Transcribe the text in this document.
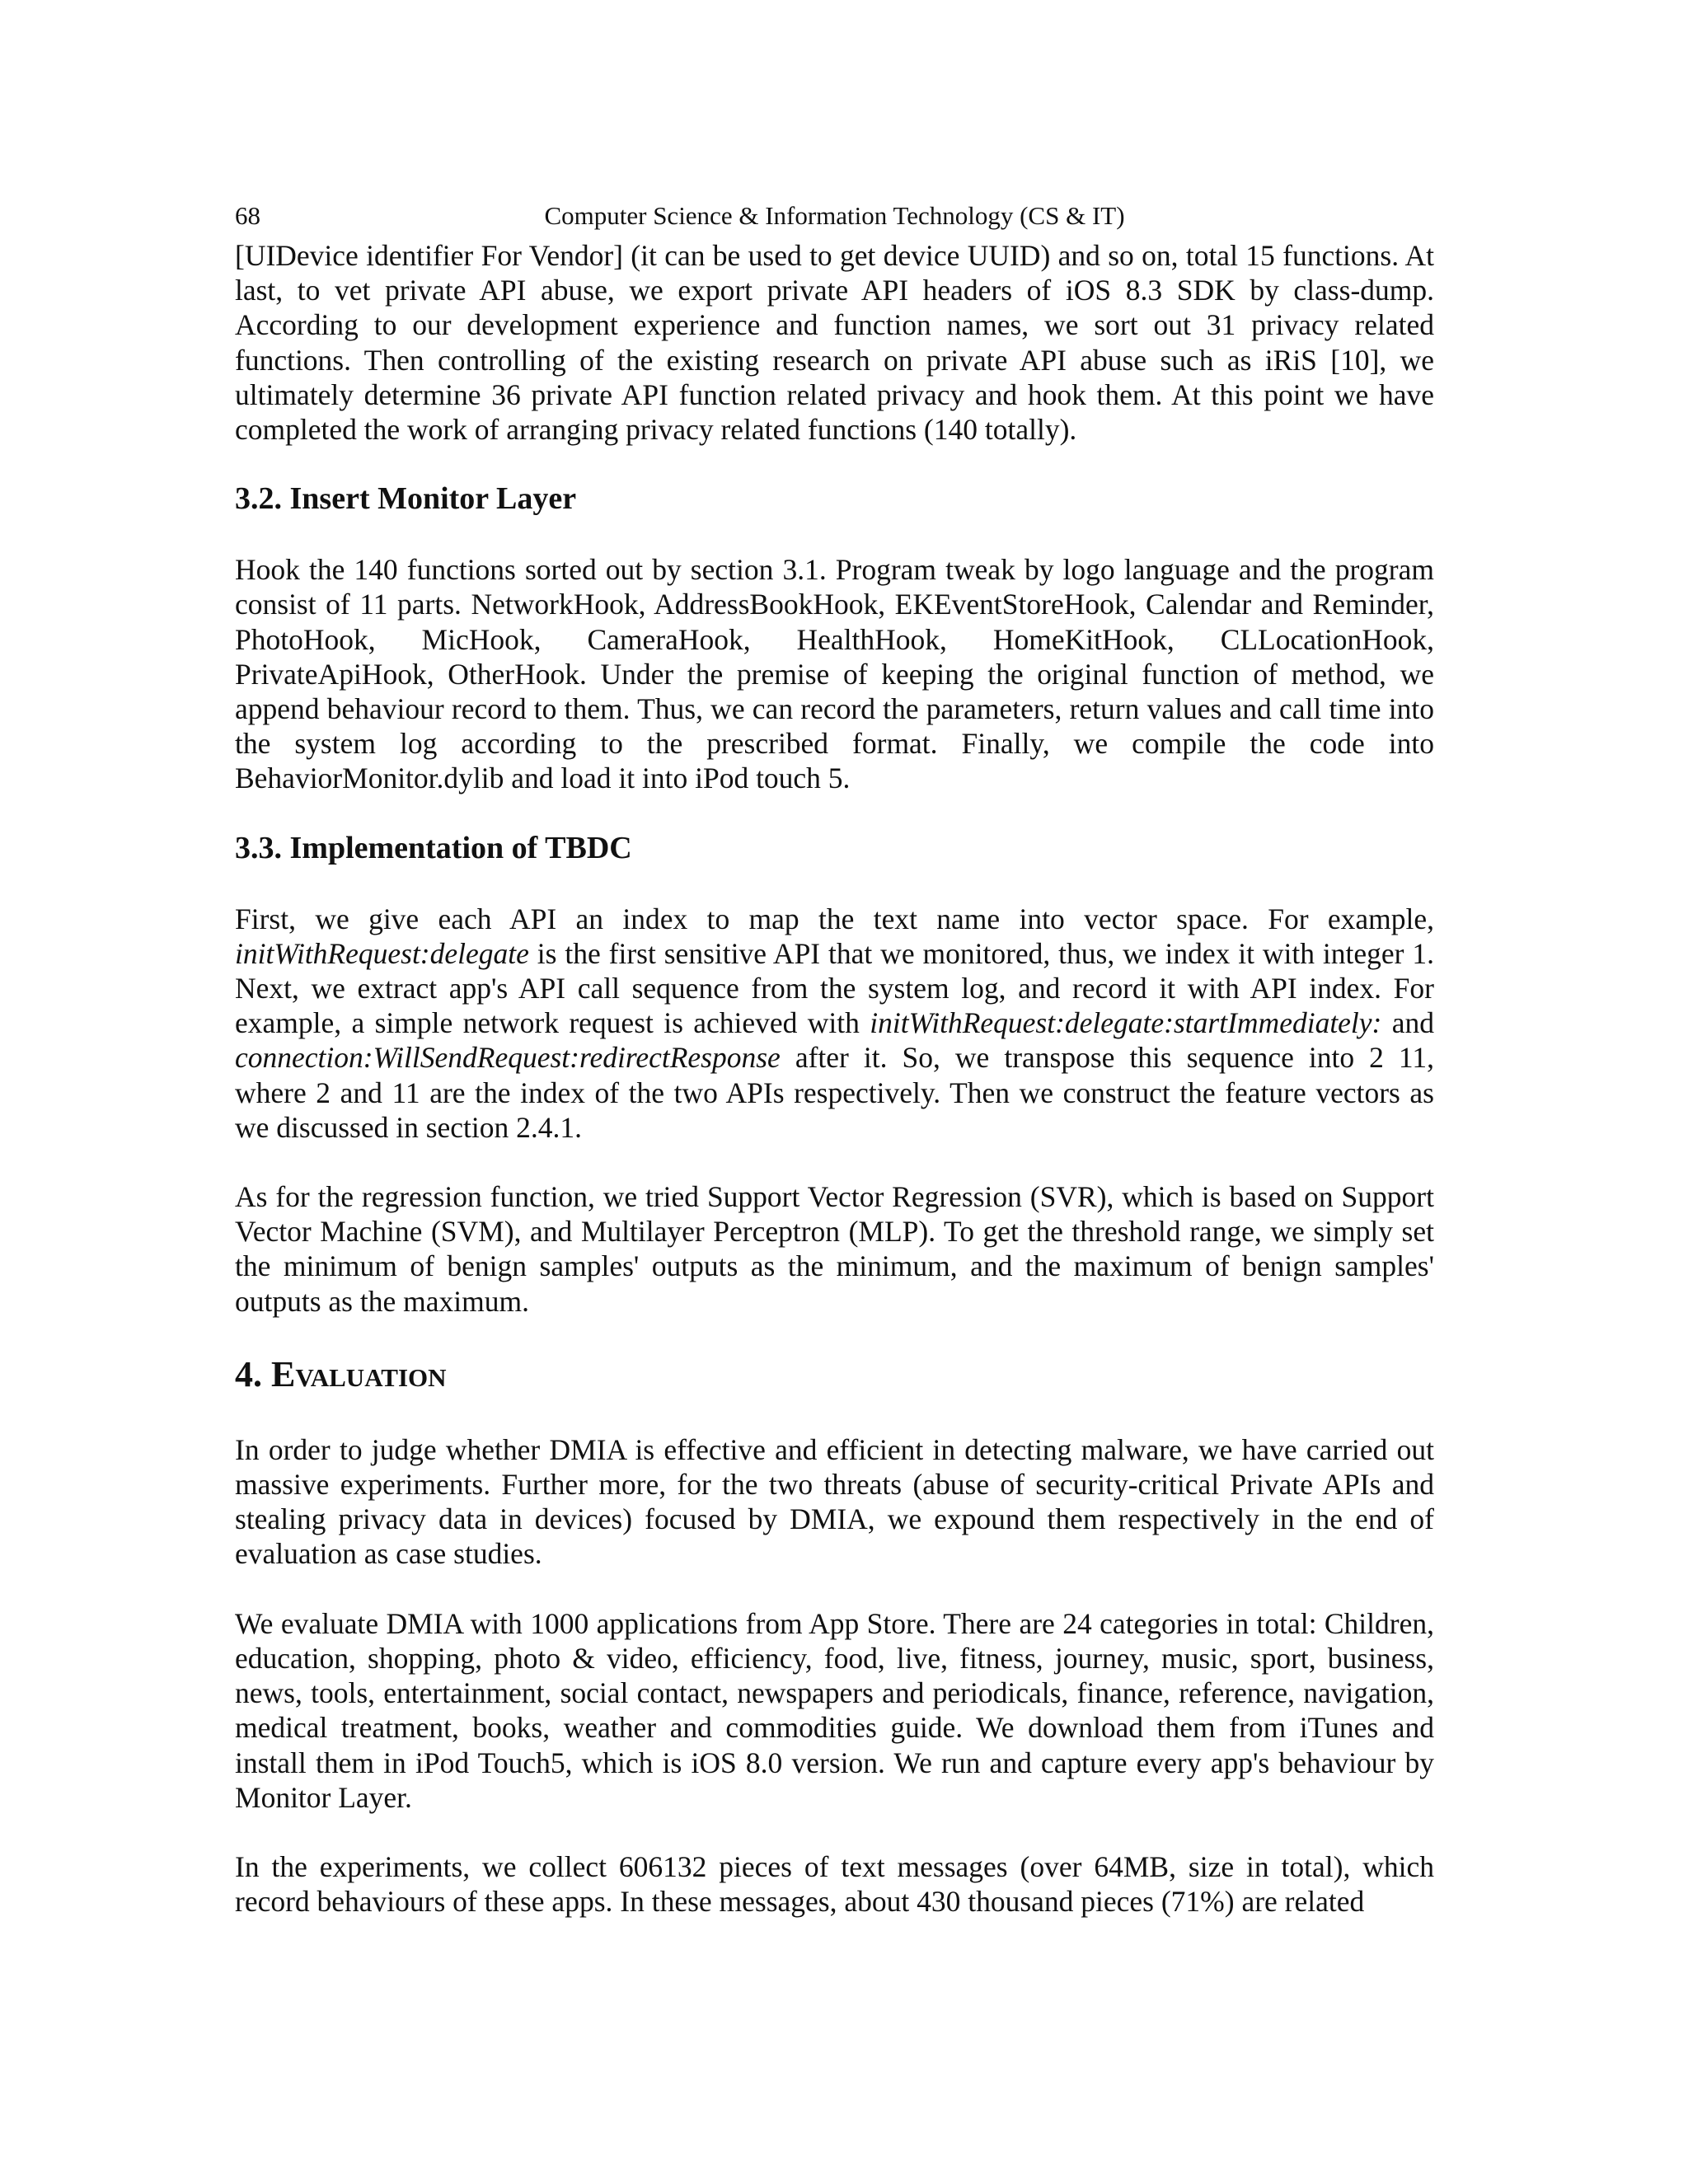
68	Computer Science & Information Technology (CS & IT)

[UIDevice identifier For Vendor] (it can be used to get device UUID) and so on, total 15 functions. At last, to vet private API abuse, we export private API headers of iOS 8.3 SDK by class-dump. According to our development experience and function names, we sort out 31 privacy related functions. Then controlling of the existing research on private API abuse such as iRiS [10], we ultimately determine 36 private API function related privacy and hook them. At this point we have completed the work of arranging privacy related functions (140 totally).

3.2. Insert Monitor Layer

Hook the 140 functions sorted out by section 3.1. Program tweak by logo language and the program consist of 11 parts. NetworkHook, AddressBookHook, EKEventStoreHook, Calendar and Reminder, PhotoHook, MicHook, CameraHook, HealthHook, HomeKitHook, CLLocationHook, PrivateApiHook, OtherHook. Under the premise of keeping the original function of method, we append behaviour record to them. Thus, we can record the parameters, return values and call time into the system log according to the prescribed format. Finally, we compile the code into BehaviorMonitor.dylib and load it into iPod touch 5.

3.3. Implementation of TBDC

First, we give each API an index to map the text name into vector space. For example, initWithRequest:delegate is the first sensitive API that we monitored, thus, we index it with integer 1. Next, we extract app's API call sequence from the system log, and record it with API index. For example, a simple network request is achieved with initWithRequest:delegate:startImmediately: and connection:WillSendRequest:redirectResponse after it. So, we transpose this sequence into 2 11, where 2 and 11 are the index of the two APIs respectively. Then we construct the feature vectors as we discussed in section 2.4.1.

As for the regression function, we tried Support Vector Regression (SVR), which is based on Support Vector Machine (SVM), and Multilayer Perceptron (MLP). To get the threshold range, we simply set the minimum of benign samples' outputs as the minimum, and the maximum of benign samples' outputs as the maximum.

4. Evaluation

In order to judge whether DMIA is effective and efficient in detecting malware, we have carried out massive experiments. Further more, for the two threats (abuse of security-critical Private APIs and stealing privacy data in devices) focused by DMIA, we expound them respectively in the end of evaluation as case studies.

We evaluate DMIA with 1000 applications from App Store. There are 24 categories in total: Children, education, shopping, photo & video, efficiency, food, live, fitness, journey, music, sport, business, news, tools, entertainment, social contact, newspapers and periodicals, finance, reference, navigation, medical treatment, books, weather and commodities guide. We download them from iTunes and install them in iPod Touch5, which is iOS 8.0 version. We run and capture every app's behaviour by Monitor Layer.

In the experiments, we collect 606132 pieces of text messages (over 64MB, size in total), which record behaviours of these apps. In these messages, about 430 thousand pieces (71%) are related
